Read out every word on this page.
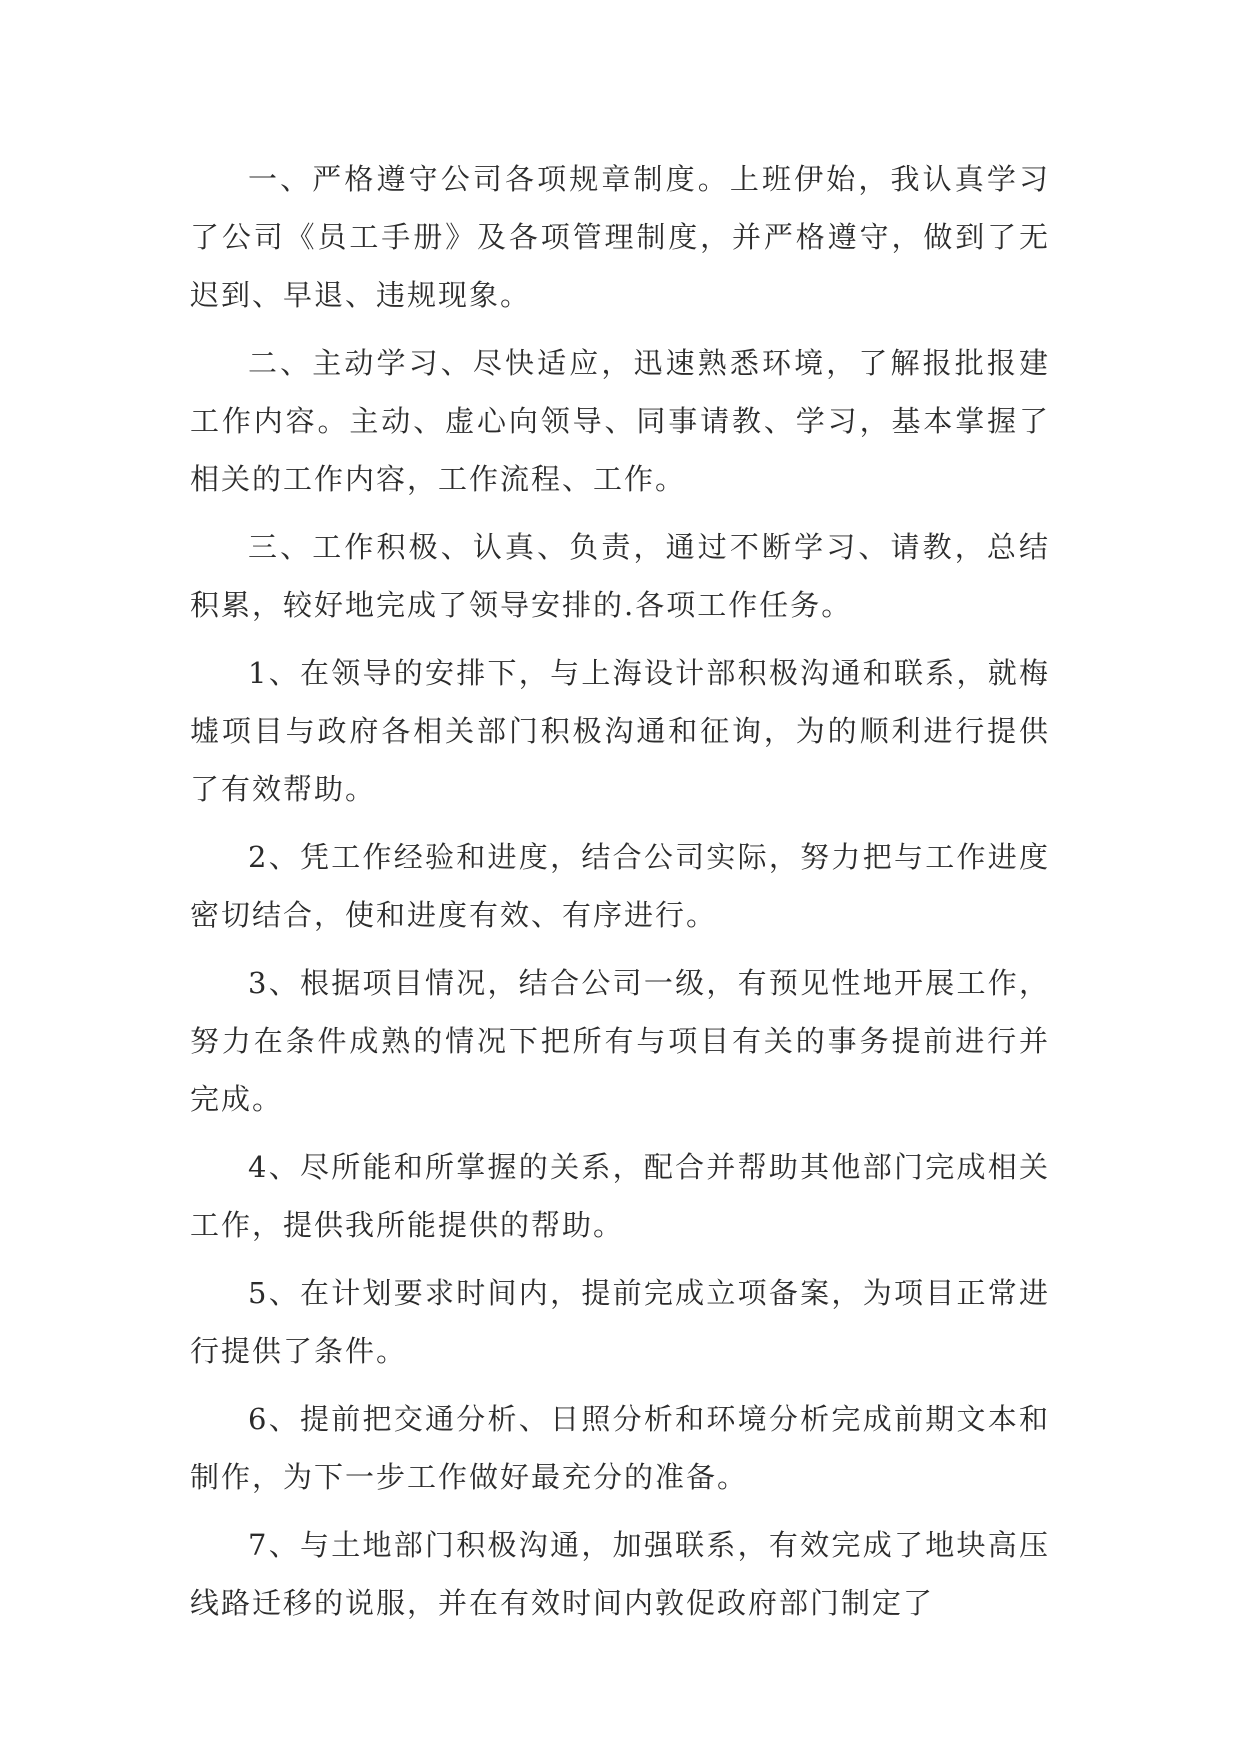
一、严格遵守公司各项规章制度。上班伊始，我认真学习了公司《员工手册》及各项管理制度，并严格遵守，做到了无迟到、早退、违规现象。

二、主动学习、尽快适应，迅速熟悉环境，了解报批报建工作内容。主动、虚心向领导、同事请教、学习，基本掌握了相关的工作内容，工作流程、工作。

三、工作积极、认真、负责，通过不断学习、请教，总结积累，较好地完成了领导安排的.各项工作任务。

1、在领导的安排下，与上海设计部积极沟通和联系，就梅墟项目与政府各相关部门积极沟通和征询，为的顺利进行提供了有效帮助。

2、凭工作经验和进度，结合公司实际，努力把与工作进度密切结合，使和进度有效、有序进行。

3、根据项目情况，结合公司一级，有预见性地开展工作，努力在条件成熟的情况下把所有与项目有关的事务提前进行并完成。

4、尽所能和所掌握的关系，配合并帮助其他部门完成相关工作，提供我所能提供的帮助。

5、在计划要求时间内，提前完成立项备案，为项目正常进行提供了条件。

6、提前把交通分析、日照分析和环境分析完成前期文本和制作，为下一步工作做好最充分的准备。

7、与土地部门积极沟通，加强联系，有效完成了地块高压线路迁移的说服，并在有效时间内敦促政府部门制定了
